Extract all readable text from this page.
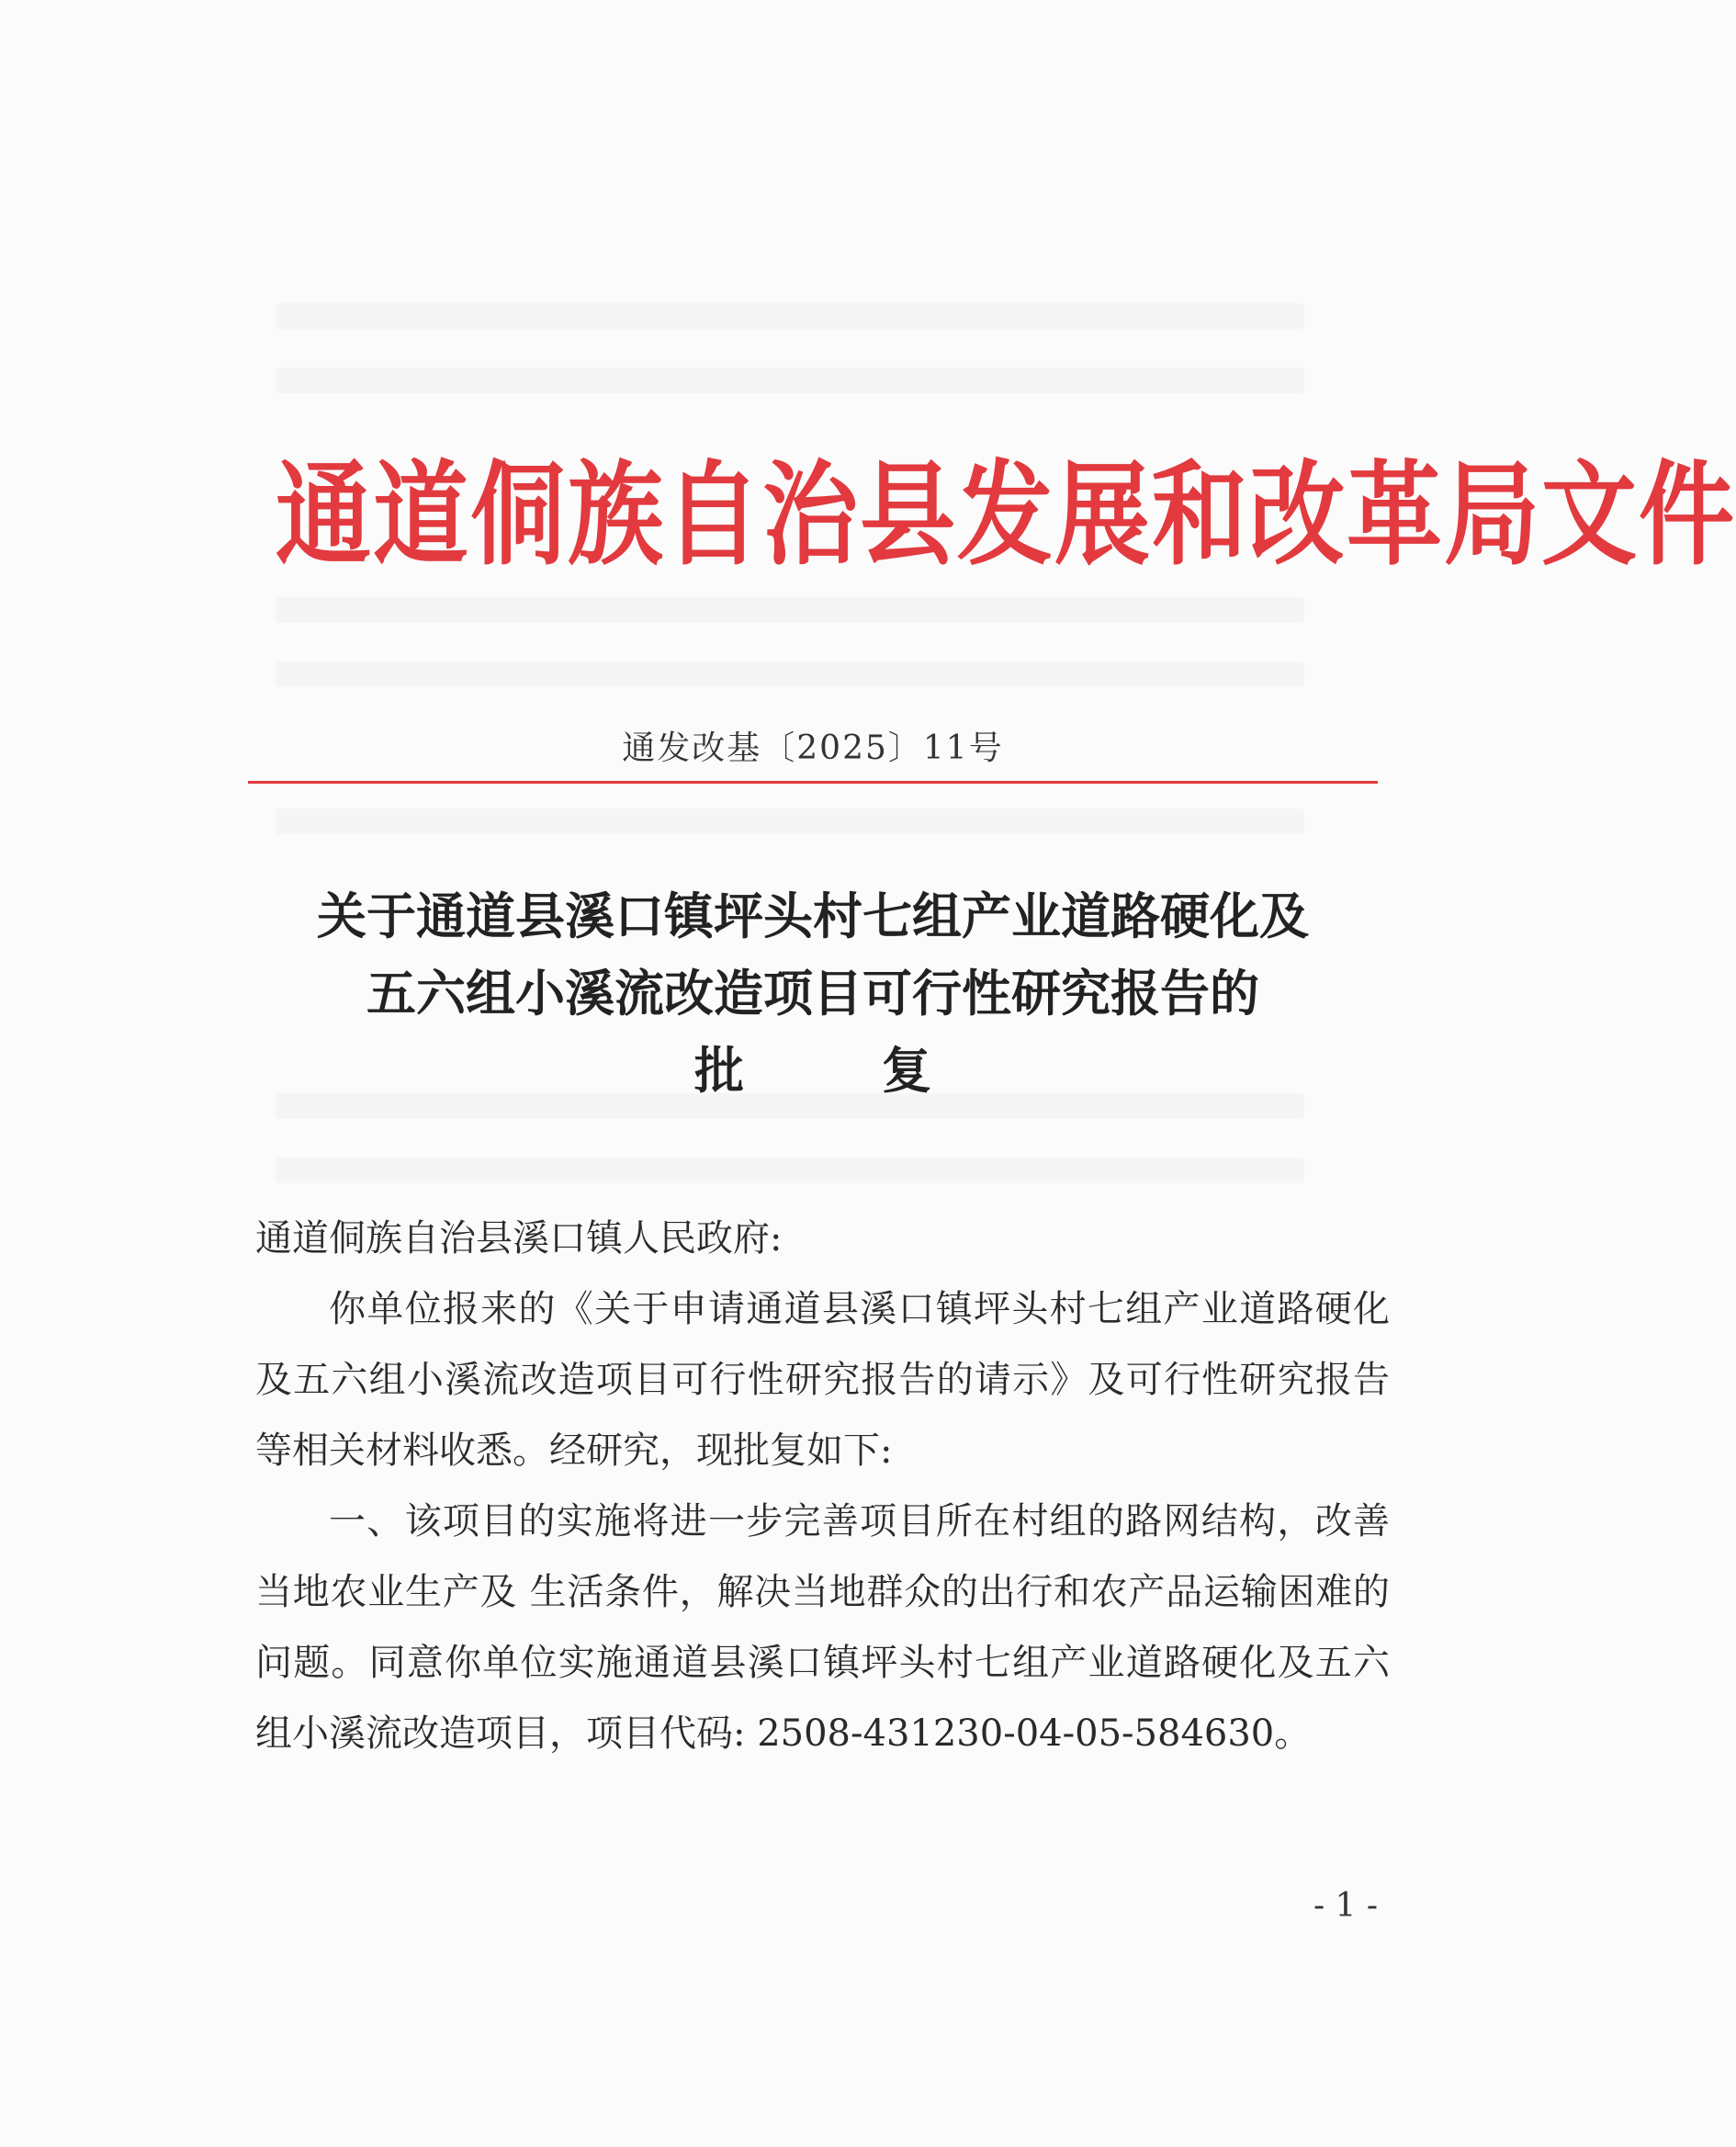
通道侗族自治县发展和改革局文件
通发改基〔2025〕11号
关于通道县溪口镇坪头村七组产业道路硬化及
五六组小溪流改造项目可行性研究报告的
批复

通道侗族自治县溪口镇人民政府:

你单位报来的《关于申请通道县溪口镇坪头村七组产业道路硬化及五六组小溪流改造项目可行性研究报告的请示》及可行性研究报告等相关材料收悉。经研究，现批复如下:

一、该项目的实施将进一步完善项目所在村组的路网结构，改善当地农业生产及 生活条件，解决当地群众的出行和农产品运输困难的问题。同意你单位实施通道县溪口镇坪头村七组产业道路硬化及五六组小溪流改造项目，项目代码: 2508-431230-04-05-584630。

- 1 -
